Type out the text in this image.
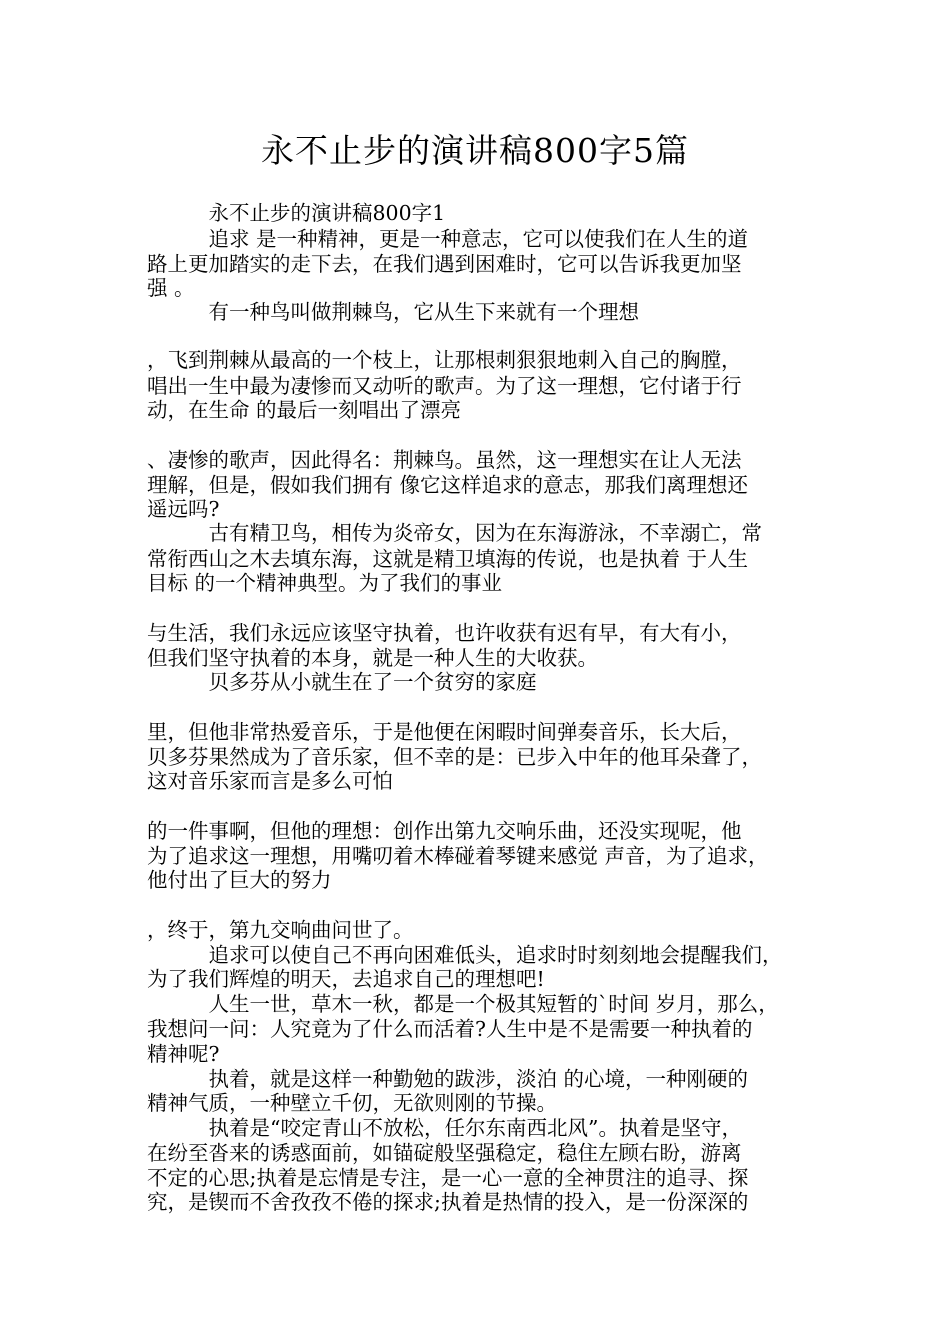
永不止步的演讲稿800字5篇
　　　永不止步的演讲稿800字1
　　　追求 是一种精神，更是一种意志，它可以使我们在人生的道
路上更加踏实的走下去，在我们遇到困难时，它可以告诉我更加坚
强 。
　　　有一种鸟叫做荆棘鸟，它从生下来就有一个理想
，飞到荆棘从最高的一个枝上，让那根刺狠狠地刺入自己的胸膛，
唱出一生中最为凄惨而又动听的歌声。为了这一理想，它付诸于行
动，在生命 的最后一刻唱出了漂亮
、凄惨的歌声，因此得名：荆棘鸟。虽然，这一理想实在让人无法
理解，但是，假如我们拥有 像它这样追求的意志，那我们离理想还
遥远吗?
　　　古有精卫鸟，相传为炎帝女，因为在东海游泳，不幸溺亡，常
常衔西山之木去填东海，这就是精卫填海的传说，也是执着 于人生
目标 的一个精神典型。为了我们的事业
与生活，我们永远应该坚守执着，也许收获有迟有早，有大有小，
但我们坚守执着的本身，就是一种人生的大收获。
　　　贝多芬从小就生在了一个贫穷的家庭
里，但他非常热爱音乐，于是他便在闲暇时间弹奏音乐，长大后，
贝多芬果然成为了音乐家，但不幸的是：已步入中年的他耳朵聋了，
这对音乐家而言是多么可怕
的一件事啊，但他的理想：创作出第九交响乐曲，还没实现呢，他
为了追求这一理想，用嘴叨着木棒碰着琴键来感觉 声音，为了追求，
他付出了巨大的努力
，终于，第九交响曲问世了。
　　　追求可以使自己不再向困难低头，追求时时刻刻地会提醒我们，
为了我们辉煌的明天，去追求自己的理想吧!
　　　人生一世，草木一秋，都是一个极其短暂的`时间 岁月，那么，
我想问一问：人究竟为了什么而活着?人生中是不是需要一种执着的
精神呢?
　　　执着，就是这样一种勤勉的跋涉，淡泊 的心境，一种刚硬的
精神气质，一种壁立千仞，无欲则刚的节操。
　　　执着是“咬定青山不放松，任尔东南西北风”。执着是坚守，
在纷至沓来的诱惑面前，如锚碇般坚强稳定，稳住左顾右盼，游离
不定的心思;执着是忘情是专注，是一心一意的全神贯注的追寻、探
究，是锲而不舍孜孜不倦的探求;执着是热情的投入，是一份深深的
